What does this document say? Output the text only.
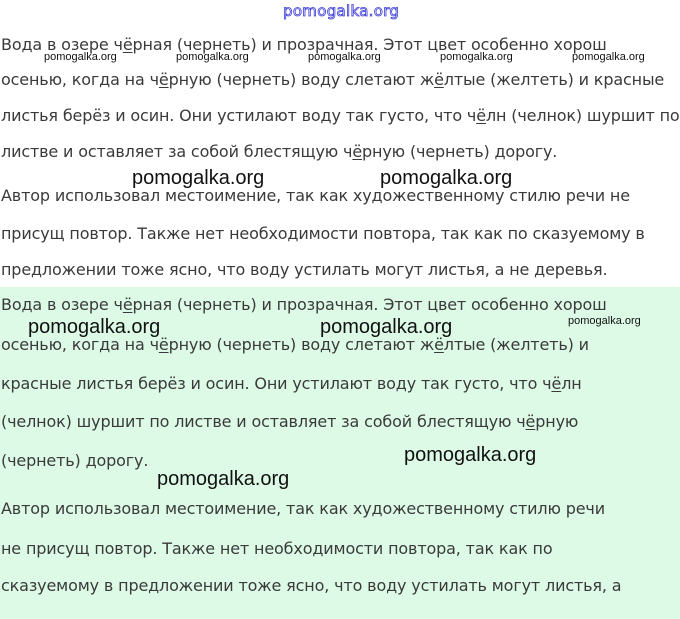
pomogalka.org
Вода в озере чёрная (чернеть) и прозрачная. Этот цвет особенно хорош
осенью, когда на чёрную (чернеть) воду слетают жёлтые (желтеть) и красные
листья берёз и осин. Они устилают воду так густо, что чёлн (челнок) шуршит по
листве и оставляет за собой блестящую чёрную (чернеть) дорогу.
Автор использовал местоимение, так как художественному стилю речи не
присущ повтор. Также нет необходимости повтора, так как по сказуемому в
предложении тоже ясно, что воду устилать могут листья, а не деревья.
Вода в озере чёрная (чернеть) и прозрачная. Этот цвет особенно хорош
осенью, когда на чёрную (чернеть) воду слетают жёлтые (желтеть) и
красные листья берёз и осин. Они устилают воду так густо, что чёлн
(челнок) шуршит по листве и оставляет за собой блестящую чёрную
(чернеть) дорогу.
Автор использовал местоимение, так как художественному стилю речи
не присущ повтор. Также нет необходимости повтора, так как по
сказуемому в предложении тоже ясно, что воду устилать могут листья, а
pomogalka.org	pomogalka.org	pomogalka.org	pomogalka.org	pomogalka.org
pomogalka.org
pomogalka.org	pomogalka.org
pomogalka.org	pomogalka.org
pomogalka.org
pomogalka.org
